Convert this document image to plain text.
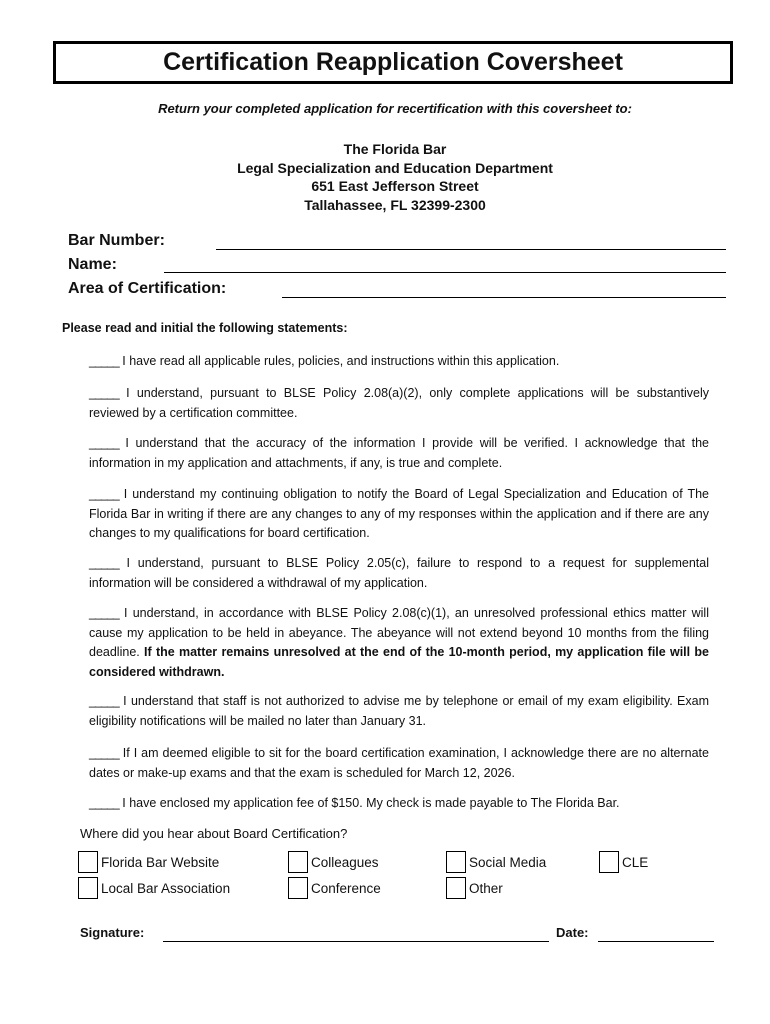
Certification Reapplication Coversheet
Return your completed application for recertification with this coversheet to:
The Florida Bar
Legal Specialization and Education Department
651 East Jefferson Street
Tallahassee, FL 32399-2300
Bar Number:
Name:
Area of Certification:
Please read and initial the following statements:
_____ I have read all applicable rules, policies, and instructions within this application.
_____ I understand, pursuant to BLSE Policy 2.08(a)(2), only complete applications will be substantively reviewed by a certification committee.
_____ I understand that the accuracy of the information I provide will be verified. I acknowledge that the information in my application and attachments, if any, is true and complete.
_____ I understand my continuing obligation to notify the Board of Legal Specialization and Education of The Florida Bar in writing if there are any changes to any of my responses within the application and if there are any changes to my qualifications for board certification.
_____ I understand, pursuant to BLSE Policy 2.05(c), failure to respond to a request for supplemental information will be considered a withdrawal of my application.
_____ I understand, in accordance with BLSE Policy 2.08(c)(1), an unresolved professional ethics matter will cause my application to be held in abeyance. The abeyance will not extend beyond 10 months from the filing deadline. If the matter remains unresolved at the end of the 10-month period, my application file will be considered withdrawn.
_____ I understand that staff is not authorized to advise me by telephone or email of my exam eligibility. Exam eligibility notifications will be mailed no later than January 31.
_____ If I am deemed eligible to sit for the board certification examination, I acknowledge there are no alternate dates or make-up exams and that the exam is scheduled for March 12, 2026.
_____ I have enclosed my application fee of $150. My check is made payable to The Florida Bar.
Where did you hear about Board Certification?
Florida Bar Website	Colleagues	Social Media	CLE
Local Bar Association	Conference	Other
Signature:	Date:
